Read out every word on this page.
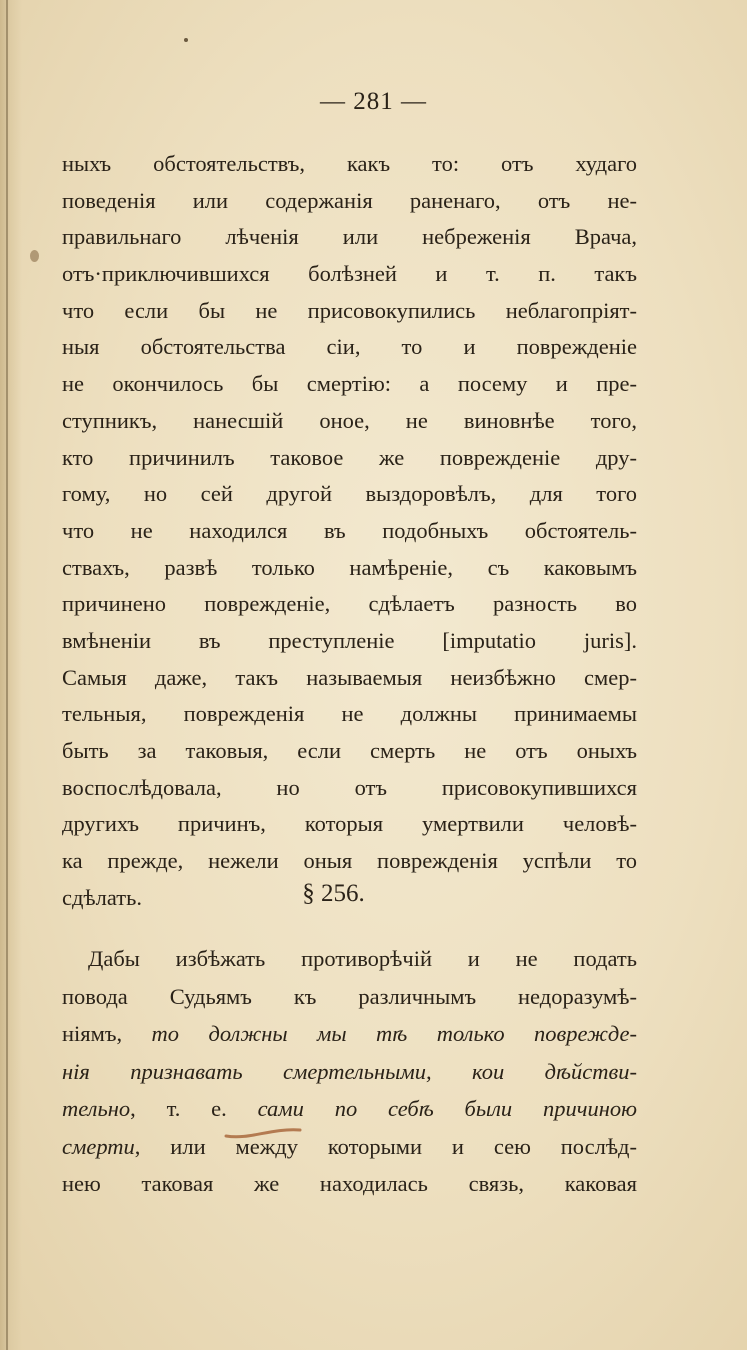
— 281 —
ныхъ обстоятельствъ, какъ то: отъ худаго
поведенія или содержанія раненаго, отъ не-
правильнаго лѣченія или небреженія Врача,
отъ·приключившихся болѣзней и т. п. такъ
что если бы не присовокупились неблагопріят-
ныя обстоятельства сіи, то и поврежденіе
не окончилось бы смертію: а посему и пре-
ступникъ, нанесшій оное, не виновнѣе того,
кто причинилъ таковое же поврежденіе дру-
гому, но сей другой выздоровѣлъ, для того
что не находился въ подобныхъ обстоятель-
ствахъ, развѣ только намѣреніе, съ каковымъ
причинено поврежденіе, сдѣлаетъ разность во
вмѣненіи въ преступленіе [imputatio juris].
Самыя даже, такъ называемыя неизбѣжно смер-
тельныя, поврежденія не должны принимаемы
быть за таковыя, если смерть не отъ оныхъ
воспослѣдовала, но отъ присовокупившихся
другихъ причинъ, которыя умертвили человѣ-
ка прежде, нежели оныя поврежденія успѣли то
сдѣлать.	§ 256.
Дабы избѣжать противорѣчій и не подать
повода Судьямъ къ различнымъ недоразумѣ-
ніямъ, то должны мы тѣ только поврежде-
нія признавать смертельными, кои дѣйстви-
тельно, т. е. сами по себѣ были причиною
смерти, или между которыми и сею послѣд-
нею таковая же находилась связь, каковая
